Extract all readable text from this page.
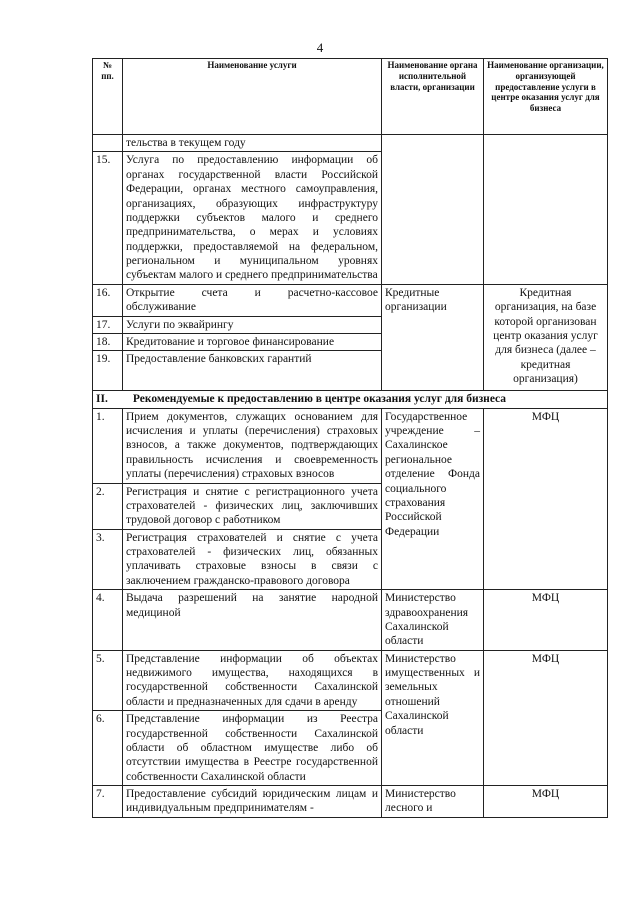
4
№ пп.	Наименование услуги	Наименование органа исполнительной власти, организации	Наименование организации, организующей предоставление услуги в центре оказания услуг для бизнеса
	тельства в текущем году		
15.	Услуга по предоставлению информации об органах государственной власти Российской Федерации, органах местного самоуправления, организациях, образующих инфраструктуру поддержки субъектов малого и среднего предпринимательства, о мерах и условиях поддержки, предоставляемой на федеральном, региональном и муниципальном уровнях субъектам малого и среднего предпринимательства		
16.	Открытие счета и расчетно-кассовое обслуживание	Кредитные организации	Кредитная организация, на базе которой организован центр оказания услуг для бизнеса (далее – кредитная организация)
17.	Услуги по эквайрингу		
18.	Кредитование и торговое финансирование		
19.	Предоставление банковских гарантий		
II. Рекомендуемые к предоставлению в центре оказания услуг для бизнеса			
1.	Прием документов, служащих основанием для исчисления и уплаты (перечисления) страховых взносов, а также документов, подтверждающих правильность исчисления и своевременность уплаты (перечисления) страховых взносов	Государственное учреждение – Сахалинское региональное отделение Фонда социального страхования Российской Федерации	МФЦ
2.	Регистрация и снятие с регистрационного учета страхователей - физических лиц, заключивших трудовой договор с работником		
3.	Регистрация страхователей и снятие с учета страхователей - физических лиц, обязанных уплачивать страховые взносы в связи с заключением гражданско-правового договора		
4.	Выдача разрешений на занятие народной медициной	Министерство здравоохранения Сахалинской области	МФЦ
5.	Представление информации об объектах недвижимого имущества, находящихся в государственной собственности Сахалинской области и предназначенных для сдачи в аренду	Министерство имущественных и земельных отношений Сахалинской области	МФЦ
6.	Представление информации из Реестра государственной собственности Сахалинской области об областном имуществе либо об отсутствии имущества в Реестре государственной собственности Сахалинской области		
7.	Предоставление субсидий юридическим лицам и индивидуальным предпринимателям -	Министерство лесного и	МФЦ
